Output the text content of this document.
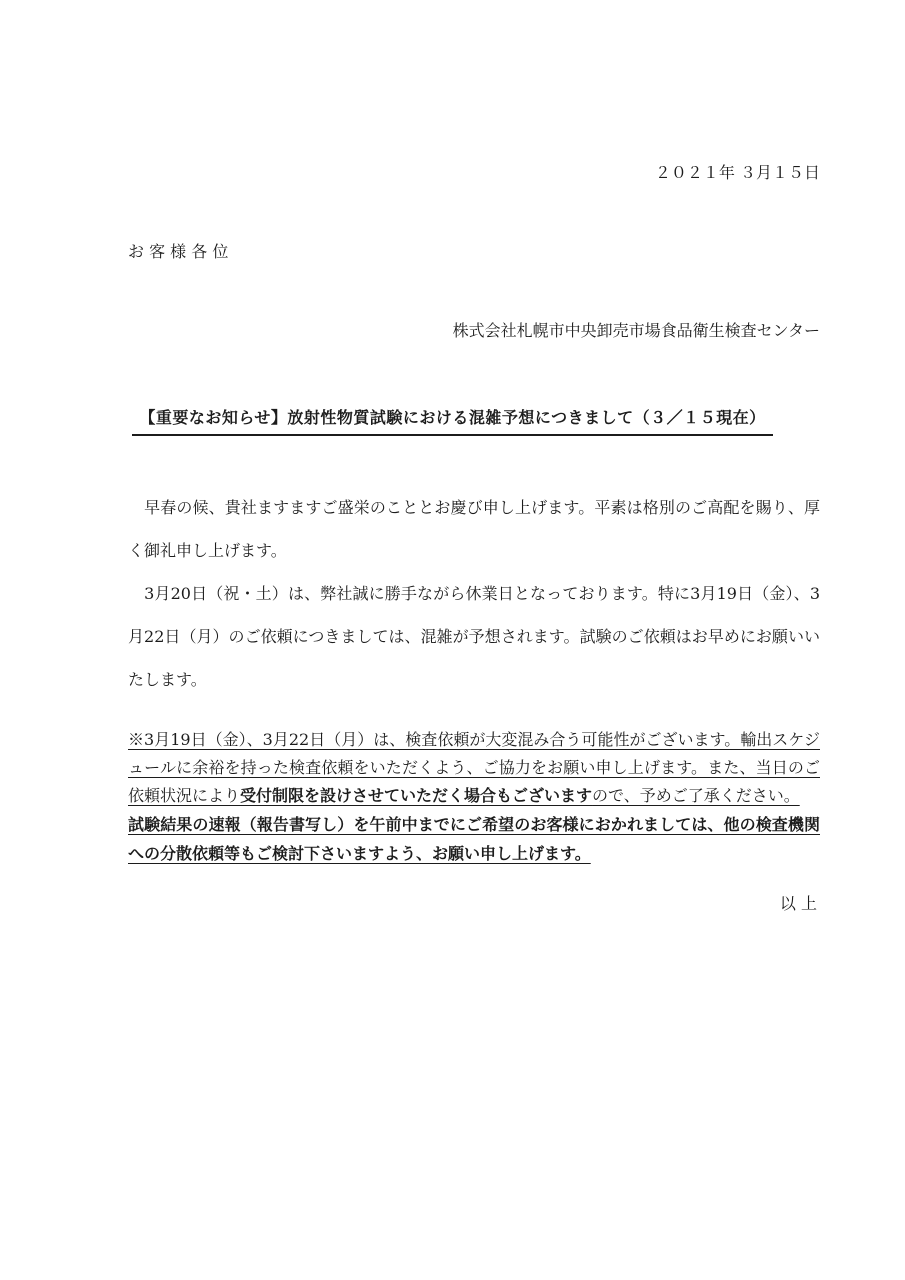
２０２１年 ３月１５日
お 客 様 各 位
株式会社札幌市中央卸売市場食品衛生検査センター
【重要なお知らせ】放射性物質試験における混雑予想につきまして（３／１５現在）

　早春の候、貴社ますますご盛栄のこととお慶び申し上げます。平素は格別のご高配を賜り、厚く御礼申し上げます。

　3月20日（祝・土）は、弊社誠に勝手ながら休業日となっております。特に3月19日（金）、3月22日（月）のご依頼につきましては、混雑が予想されます。試験のご依頼はお早めにお願いいたします。

※3月19日（金）、3月22日（月）は、検査依頼が大変混み合う可能性がございます。輸出スケジュールに余裕を持った検査依頼をいただくよう、ご協力をお願い申し上げます。また、当日のご依頼状況により受付制限を設けさせていただく場合もございますので、予めご了承ください。
試験結果の速報（報告書写し）を午前中までにご希望のお客様におかれましては、他の検査機関への分散依頼等もご検討下さいますよう、お願い申し上げます。

以 上
